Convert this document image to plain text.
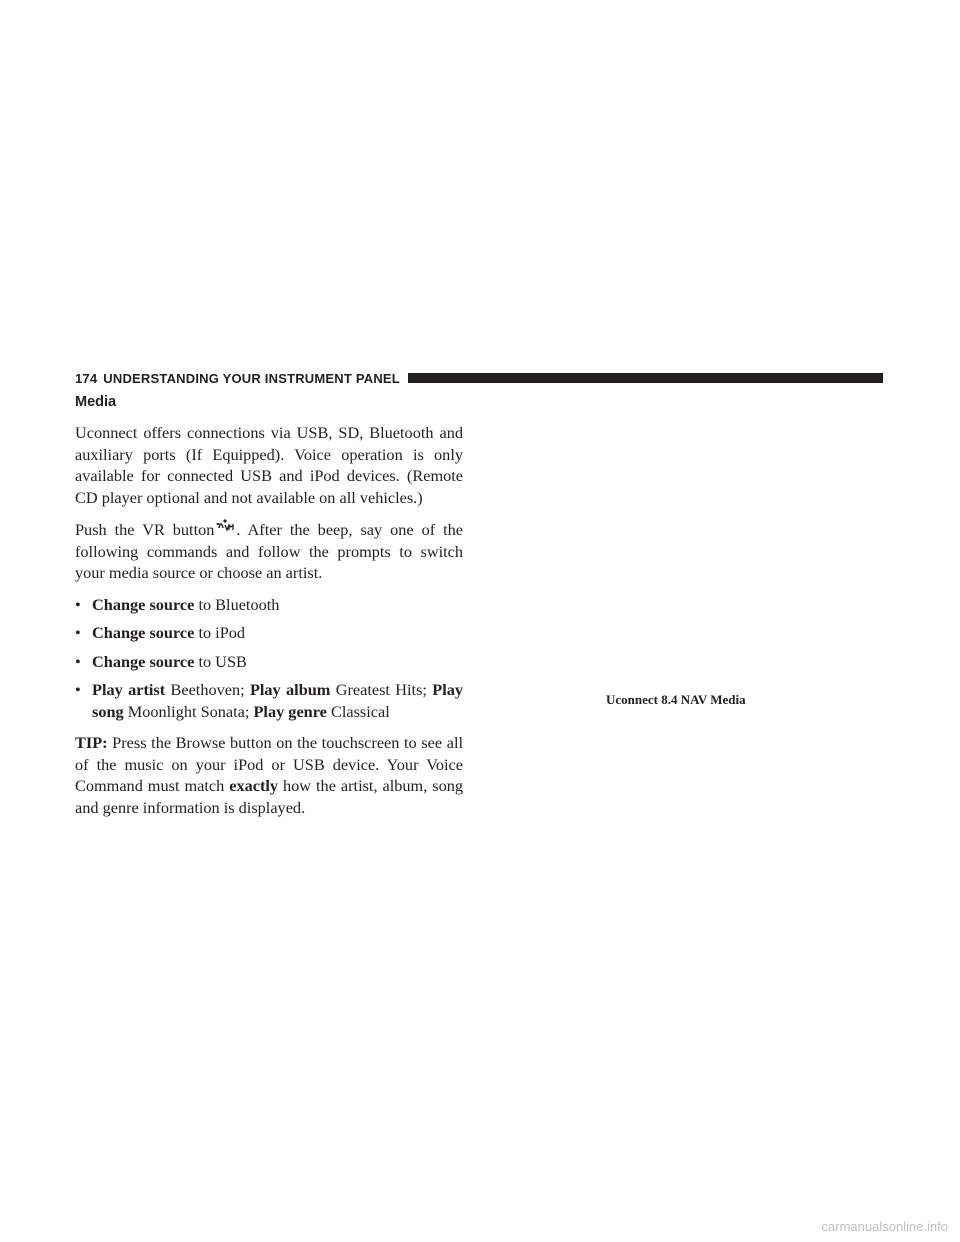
174 UNDERSTANDING YOUR INSTRUMENT PANEL
Media

Uconnect offers connections via USB, SD, Bluetooth and auxiliary ports (If Equipped). Voice operation is only available for connected USB and iPod devices. (Remote CD player optional and not available on all vehicles.)

Push the VR button . After the beep, say one of the following commands and follow the prompts to switch your media source or choose an artist.

• Change source to Bluetooth
• Change source to iPod
• Change source to USB
• Play artist Beethoven; Play album Greatest Hits; Play song Moonlight Sonata; Play genre Classical

TIP: Press the Browse button on the touchscreen to see all of the music on your iPod or USB device. Your Voice Command must match exactly how the artist, album, song and genre information is displayed.

Uconnect 8.4 NAV Media
carmanualsonline.info
